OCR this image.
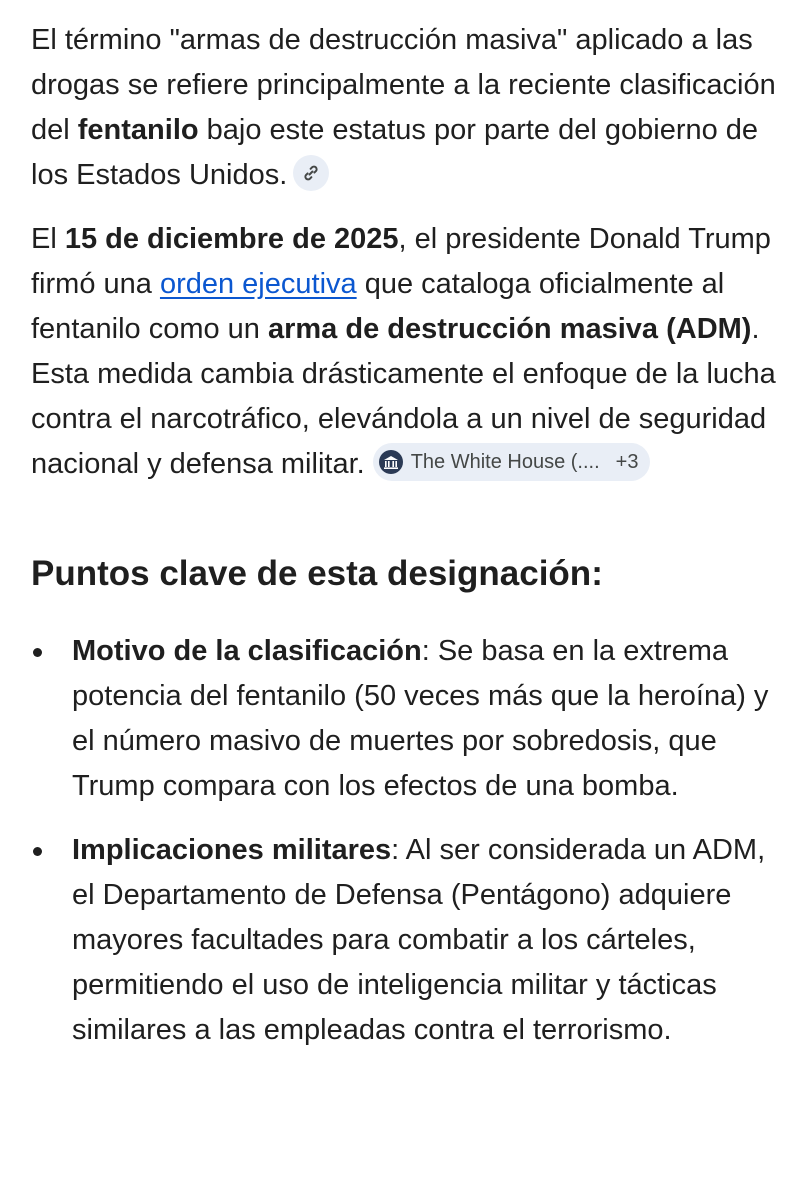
El término "armas de destrucción masiva" aplicado a las drogas se refiere principalmente a la reciente clasificación del fentanilo bajo este estatus por parte del gobierno de los Estados Unidos.

El 15 de diciembre de 2025, el presidente Donald Trump firmó una orden ejecutiva que cataloga oficialmente al fentanilo como un arma de destrucción masiva (ADM). Esta medida cambia drásticamente el enfoque de la lucha contra el narcotráfico, elevándola a un nivel de seguridad nacional y defensa militar. The White House (.... +3

Puntos clave de esta designación:
Motivo de la clasificación: Se basa en la extrema potencia del fentanilo (50 veces más que la heroína) y el número masivo de muertes por sobredosis, que Trump compara con los efectos de una bomba.
Implicaciones militares: Al ser considerada un ADM, el Departamento de Defensa (Pentágono) adquiere mayores facultades para combatir a los cárteles, permitiendo el uso de inteligencia militar y tácticas similares a las empleadas contra el terrorismo.
